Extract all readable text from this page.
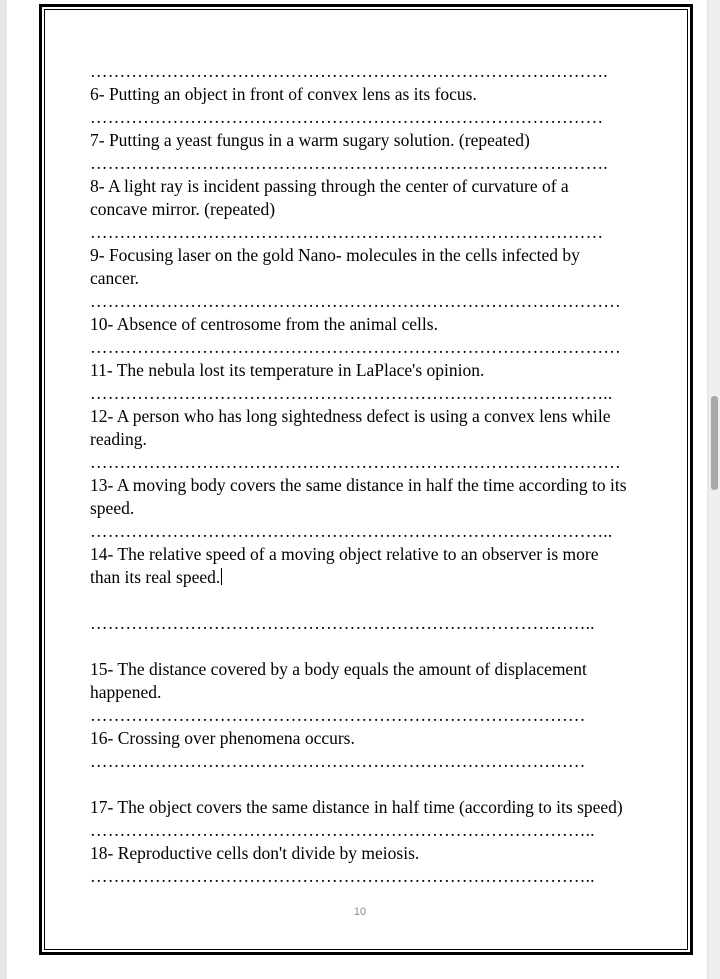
…………………………………………………………………………….
6- Putting an object in front of convex lens as its focus.
……………………………………………………………………………
7- Putting a yeast fungus in a warm sugary solution. (repeated)
…………………………………………………………………………….
8- A light ray is incident passing through the center of curvature of a concave mirror. (repeated)
……………………………………………………………………………
9- Focusing laser on the gold Nano- molecules in the cells infected by cancer.
………………………………………………………………………………
10- Absence of centrosome from the animal cells.
………………………………………………………………………………
11- The nebula lost its temperature in LaPlace's opinion.
……………………………………………………………………………..
12- A person who has long sightedness defect is using a convex lens while reading.
………………………………………………………………………………
13- A moving body covers the same distance in half the time according to its speed.
……………………………………………………………………………..
14- The relative speed of a moving object relative to an observer is more than its real speed.
…………………………………………………………………………..
15- The distance covered by a body equals the amount of displacement happened.
…………………………………………………………………………
16- Crossing over phenomena occurs.
…………………………………………………………………………
17- The object covers the same distance in half time (according to its speed)
…………………………………………………………………………..
18- Reproductive cells don't divide by meiosis.
…………………………………………………………………………..
10
